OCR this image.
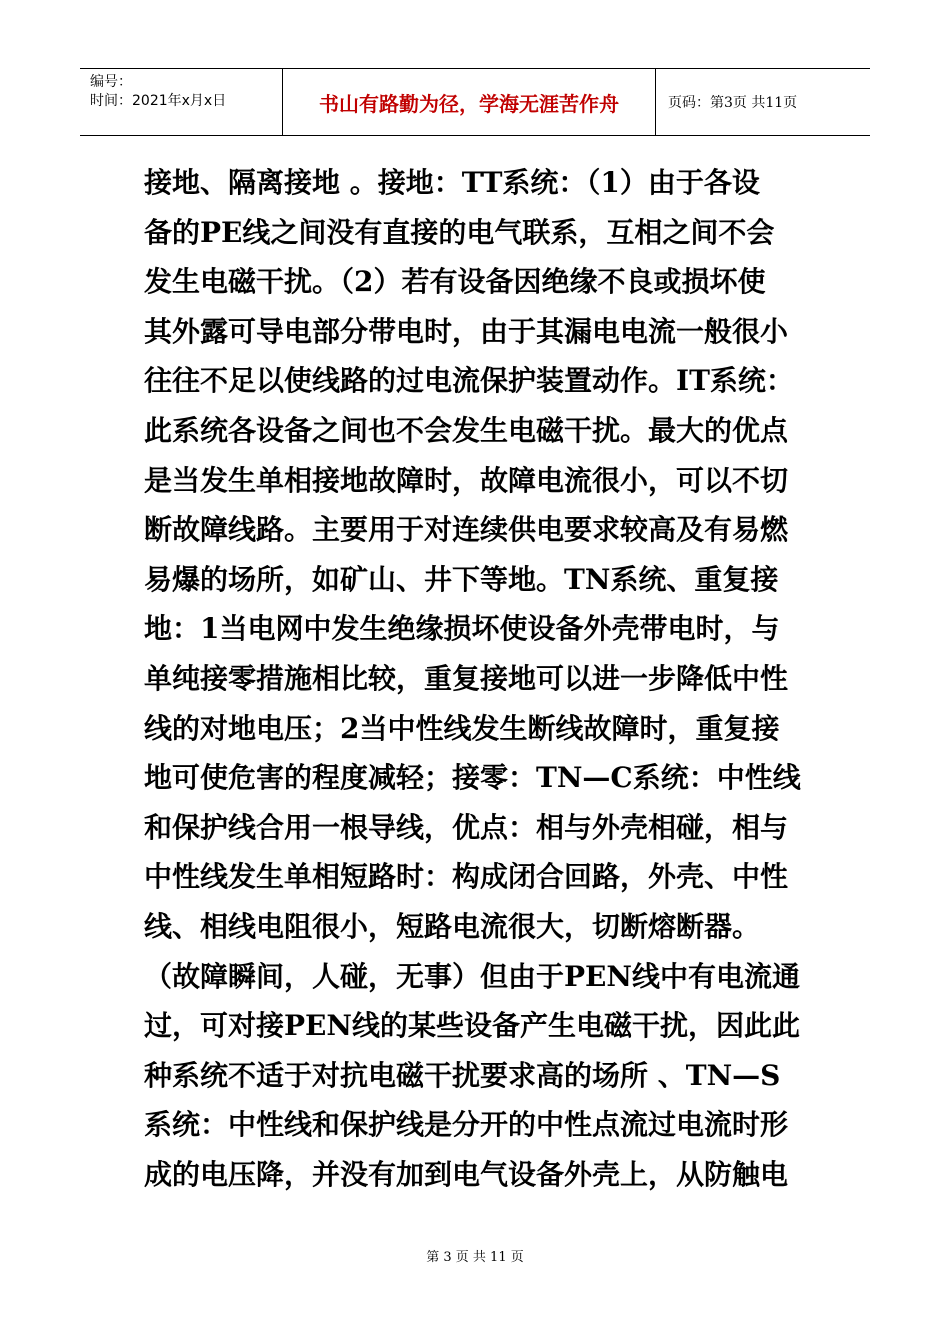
编号：
时间：2021年x月x日	书山有路勤为径，学海无涯苦作舟	页码：第3页 共11页
接地、隔离接地 。接地：TT系统：（1）由于各设
备的PE线之间没有直接的电气联系，互相之间不会
发生电磁干扰。（2）若有设备因绝缘不良或损坏使
其外露可导电部分带电时，由于其漏电电流一般很小
往往不足以使线路的过电流保护装置动作。IT系统：
此系统各设备之间也不会发生电磁干扰。最大的优点
是当发生单相接地故障时，故障电流很小，可以不切
断故障线路。主要用于对连续供电要求较高及有易燃
易爆的场所，如矿山、井下等地。TN系统、重复接
地：1当电网中发生绝缘损坏使设备外壳带电时，与
单纯接零措施相比较，重复接地可以进一步降低中性
线的对地电压；2当中性线发生断线故障时，重复接
地可使危害的程度减轻；接零：TN—C系统：中性线
和保护线合用一根导线，优点：相与外壳相碰，相与
中性线发生单相短路时：构成闭合回路，外壳、中性
线、相线电阻很小，短路电流很大，切断熔断器。
（故障瞬间，人碰，无事）但由于PEN线中有电流通
过，可对接PEN线的某些设备产生电磁干扰，因此此
种系统不适于对抗电磁干扰要求高的场所 、TN—S
系统：中性线和保护线是分开的中性点流过电流时形
成的电压降，并没有加到电气设备外壳上，从防触电
第 3 页 共 11 页
